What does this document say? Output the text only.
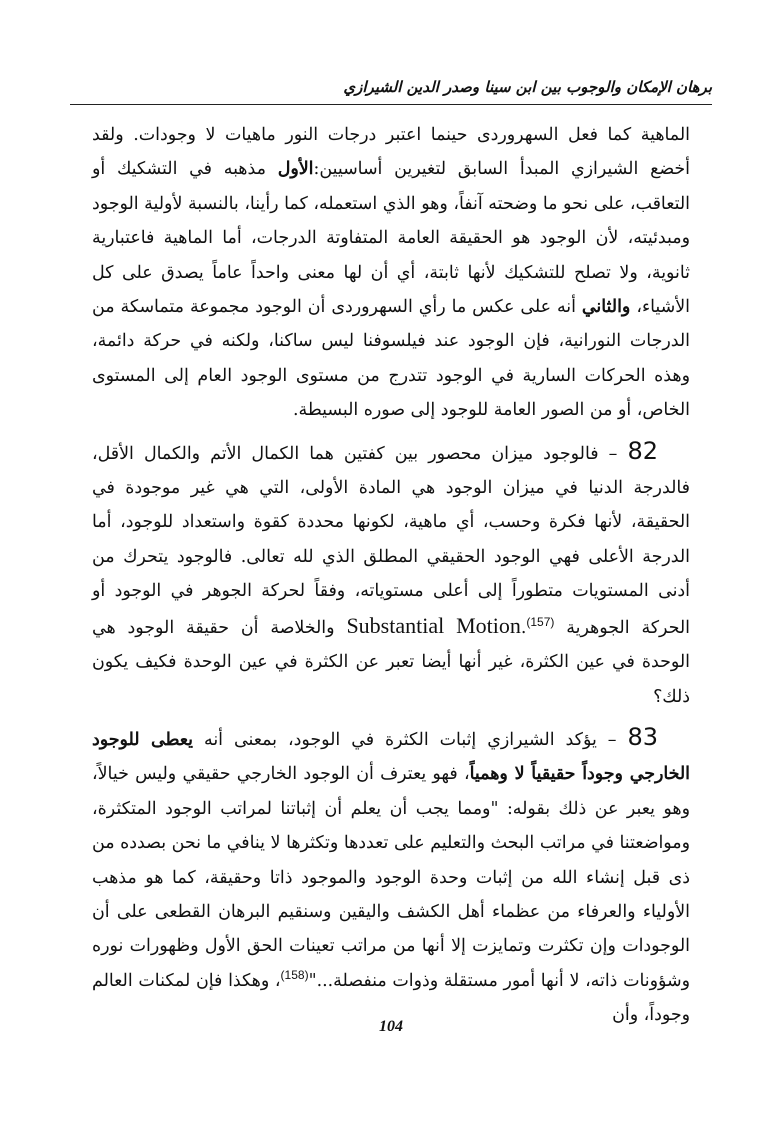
برهان الإمكان والوجوب بين ابن سينا وصدر الدين الشيرازي

الماهية كما فعل السهروردى حينما اعتبر درجات النور ماهيات لا وجودات. ولقد أخضع الشيرازي المبدأ السابق لتغيرين أساسيين:الأول مذهبه في التشكيك أو التعاقب، على نحو ما وضحته آنفاً، وهو الذي استعمله، كما رأينا، بالنسبة لأولية الوجود ومبدئيته، لأن الوجود هو الحقيقة العامة المتفاوتة الدرجات، أما الماهية فاعتبارية ثانوية، ولا تصلح للتشكيك لأنها ثابتة، أي أن لها معنى واحداً عاماً يصدق على كل الأشياء، والثاني أنه على عكس ما رأي السهروردى أن الوجود مجموعة متماسكة من الدرجات النورانية، فإن الوجود عند فيلسوفنا ليس ساكنا، ولكنه في حركة دائمة، وهذه الحركات السارية في الوجود تتدرج من مستوى الوجود العام إلى المستوى الخاص، أو من الصور العامة للوجود إلى صوره البسيطة.

82 – فالوجود ميزان محصور بين كفتين هما الكمال الأتم والكمال الأقل، فالدرجة الدنيا في ميزان الوجود هي المادة الأولى، التي هي غير موجودة في الحقيقة، لأنها فكرة وحسب، أي ماهية، لكونها محددة كقوة واستعداد للوجود، أما الدرجة الأعلى فهي الوجود الحقيقي المطلق الذي لله تعالى. فالوجود يتحرك من أدنى المستويات متطوراً إلى أعلى مستوياته، وفقاً لحركة الجوهر في الوجود أو الحركة الجوهرية Substantial Motion.$^{(157)}$ والخلاصة أن حقيقة الوجود هي الوحدة في عين الكثرة، غير أنها أيضا تعبر عن الكثرة في عين الوحدة فكيف يكون ذلك؟

83 – يؤكد الشيرازي إثبات الكثرة في الوجود، بمعنى أنه يعطى للوجود الخارجي وجوداً حقيقياً لا وهمياً، فهو يعترف أن الوجود الخارجي حقيقي وليس خيالاً، وهو يعبر عن ذلك بقوله: "ومما يجب أن يعلم أن إثباتنا لمراتب الوجود المتكثرة، ومواضعتنا في مراتب البحث والتعليم على تعددها وتكثرها لا ينافي ما نحن بصدده من ذى قبل إنشاء الله من إثبات وحدة الوجود والموجود ذاتا وحقيقة، كما هو مذهب الأولياء والعرفاء من عظماء أهل الكشف واليقين وسنقيم البرهان القطعى على أن الوجودات وإن تكثرت وتمايزت إلا أنها من مراتب تعينات الحق الأول وظهورات نوره وشؤونات ذاته، لا أنها أمور مستقلة وذوات منفصلة..."$^{(158)}$، وهكذا فإن لمكنات العالم وجوداً، وأن

104
